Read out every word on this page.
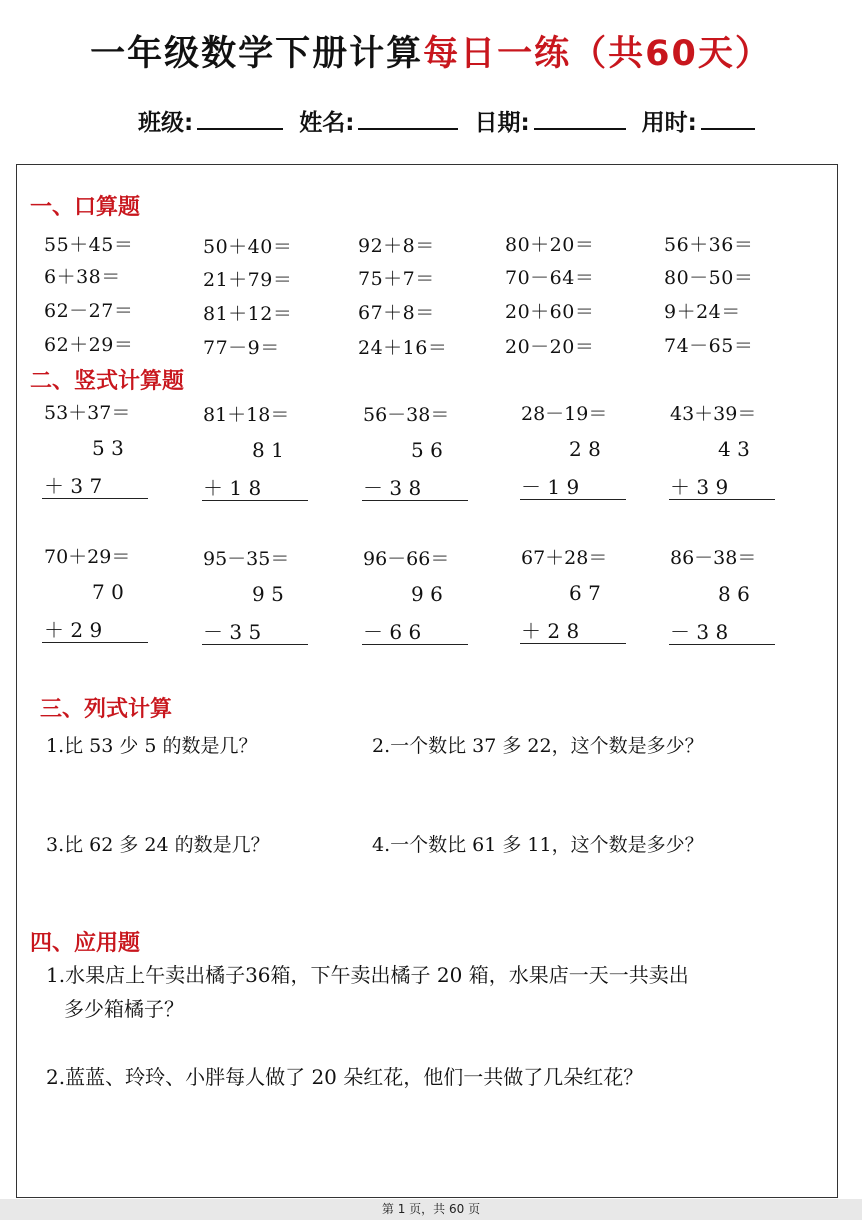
一年级数学下册计算每日一练（共60天）
班级:	姓名:	日期:	用时:
一、口算题
55＋45＝	50＋40＝	92＋8＝	80＋20＝	56＋36＝
6＋38＝	21＋79＝	75＋7＝	70－64＝	80－50＝
62－27＝	81＋12＝	67＋8＝	20＋60＝	9＋24＝
62＋29＝	77－9＝	24＋16＝	20－20＝	74－65＝
二、竖式计算题
53＋37＝
5 3
＋ 3 7
81＋18＝
8 1
＋ 1 8
56－38＝
5 6
－ 3 8
28－19＝
2 8
－ 1 9
43＋39＝
4 3
＋ 3 9
70＋29＝
7 0
＋ 2 9
95－35＝
9 5
－ 3 5
96－66＝
9 6
－ 6 6
67＋28＝
6 7
＋ 2 8
86－38＝
8 6
－ 3 8
三、列式计算
1.比 53 少 5 的数是几？	2.一个数比 37 多 22，这个数是多少？
3.比 62 多 24 的数是几？	4.一个数比 61 多 11，这个数是多少？
四、应用题
1.水果店上午卖出橘子36箱，下午卖出橘子 20 箱，水果店一天一共卖出
多少箱橘子？
2.蓝蓝、玲玲、小胖每人做了 20 朵红花，他们一共做了几朵红花？
第 1 页，共 60 页
